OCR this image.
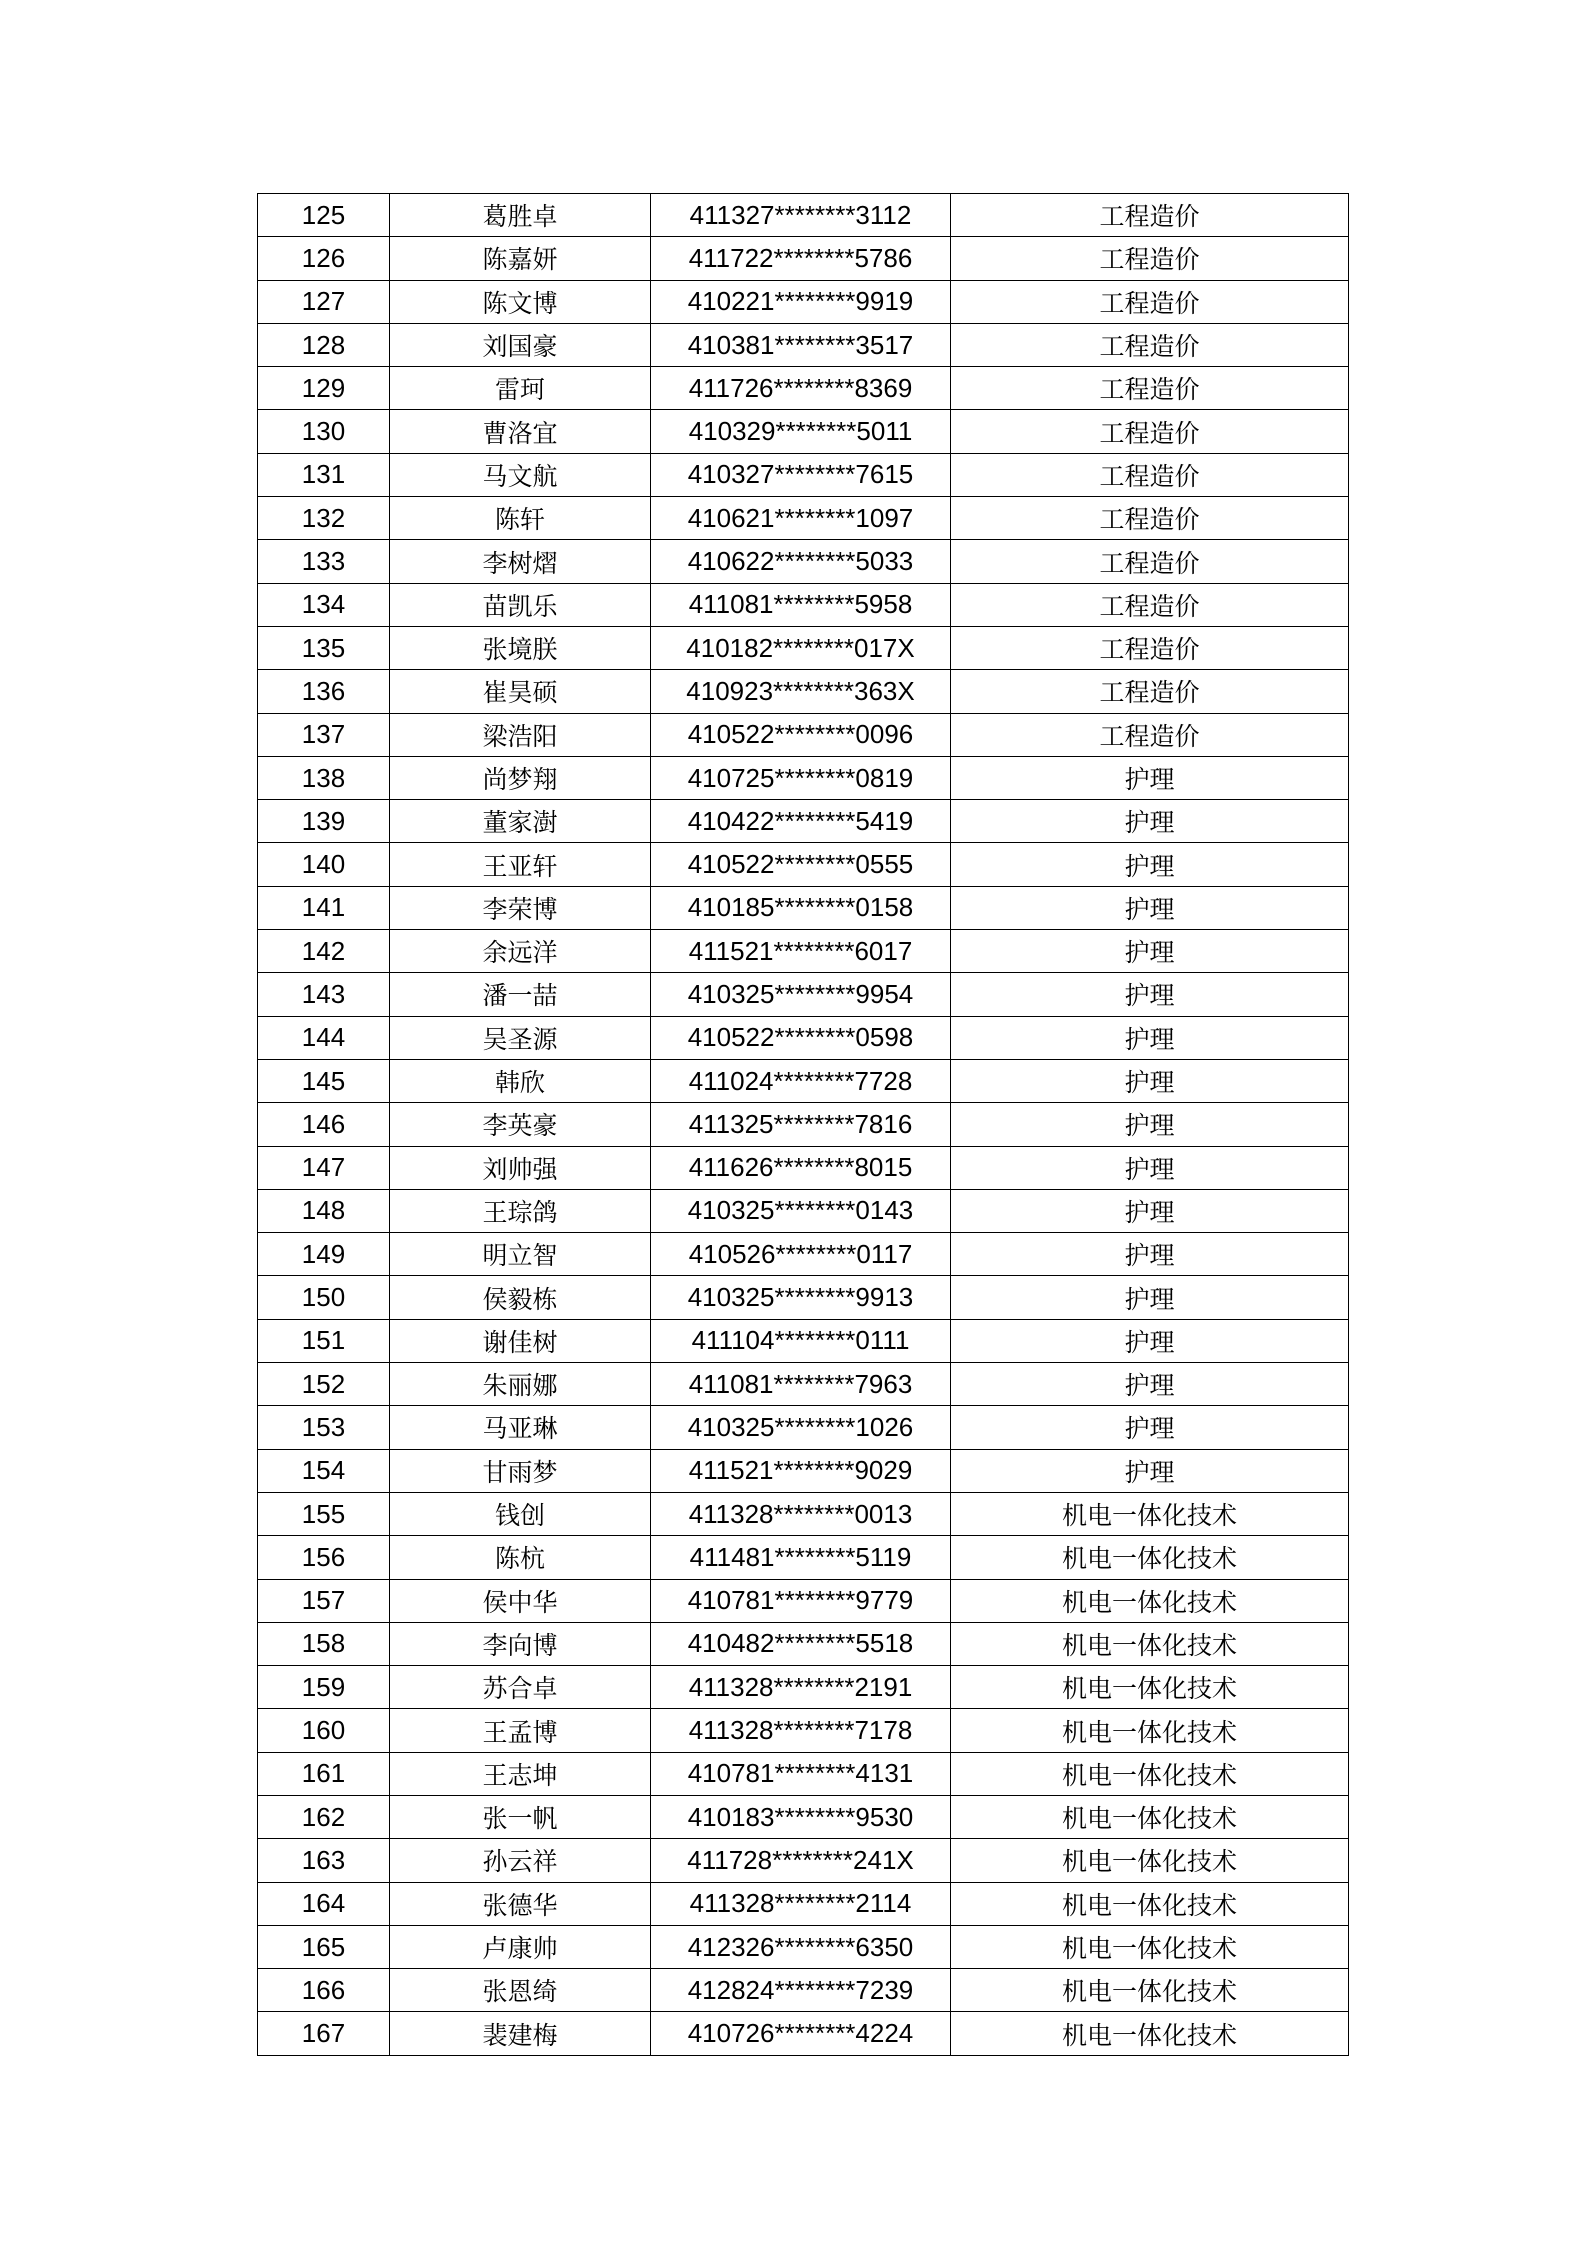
125	葛胜卓	411327********3112	工程造价
126	陈嘉妍	411722********5786	工程造价
127	陈文博	410221********9919	工程造价
128	刘国豪	410381********3517	工程造价
129	雷珂	411726********8369	工程造价
130	曹洛宜	410329********5011	工程造价
131	马文航	410327********7615	工程造价
132	陈轩	410621********1097	工程造价
133	李树熠	410622********5033	工程造价
134	苗凯乐	411081********5958	工程造价
135	张境朕	410182********017X	工程造价
136	崔昊硕	410923********363X	工程造价
137	梁浩阳	410522********0096	工程造价
138	尚梦翔	410725********0819	护理
139	董家澍	410422********5419	护理
140	王亚轩	410522********0555	护理
141	李荣博	410185********0158	护理
142	余远洋	411521********6017	护理
143	潘一喆	410325********9954	护理
144	吴圣源	410522********0598	护理
145	韩欣	411024********7728	护理
146	李英豪	411325********7816	护理
147	刘帅强	411626********8015	护理
148	王琮鸽	410325********0143	护理
149	明立智	410526********0117	护理
150	侯毅栋	410325********9913	护理
151	谢佳树	411104********0111	护理
152	朱丽娜	411081********7963	护理
153	马亚琳	410325********1026	护理
154	甘雨梦	411521********9029	护理
155	钱创	411328********0013	机电一体化技术
156	陈杭	411481********5119	机电一体化技术
157	侯中华	410781********9779	机电一体化技术
158	李向博	410482********5518	机电一体化技术
159	苏合卓	411328********2191	机电一体化技术
160	王孟博	411328********7178	机电一体化技术
161	王志坤	410781********4131	机电一体化技术
162	张一帆	410183********9530	机电一体化技术
163	孙云祥	411728********241X	机电一体化技术
164	张德华	411328********2114	机电一体化技术
165	卢康帅	412326********6350	机电一体化技术
166	张恩绮	412824********7239	机电一体化技术
167	裴建梅	410726********4224	机电一体化技术
